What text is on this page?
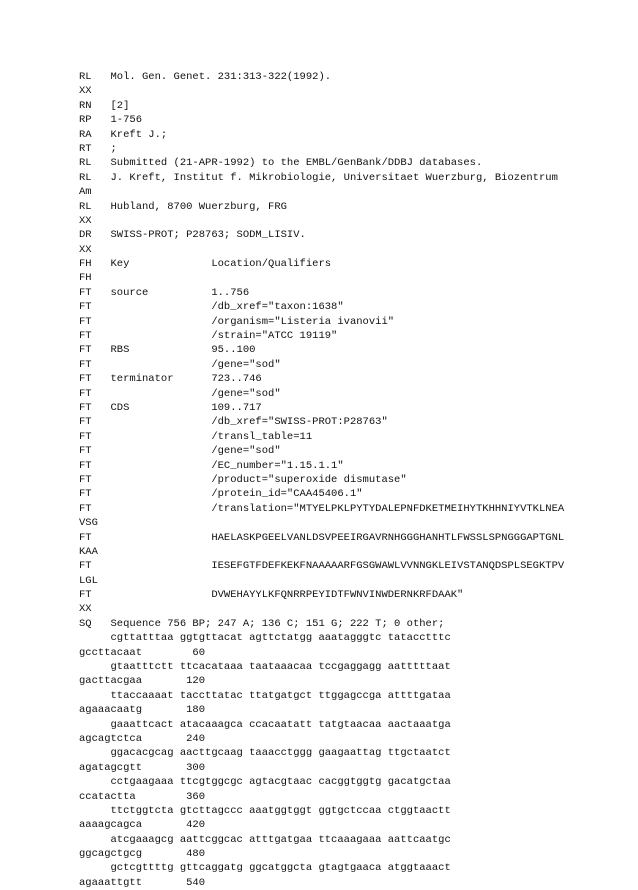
RL   Mol. Gen. Genet. 231:313-322(1992).
XX
RN   [2]
RP   1-756
RA   Kreft J.;
RT   ;
RL   Submitted (21-APR-1992) to the EMBL/GenBank/DDBJ databases.
RL   J. Kreft, Institut f. Mikrobiologie, Universitaet Wuerzburg, Biozentrum
Am
RL   Hubland, 8700 Wuerzburg, FRG
XX
DR   SWISS-PROT; P28763; SODM_LISIV.
XX
FH   Key             Location/Qualifiers
FH
FT   source          1..756
FT                   /db_xref="taxon:1638"
FT                   /organism="Listeria ivanovii"
FT                   /strain="ATCC 19119"
FT   RBS             95..100
FT                   /gene="sod"
FT   terminator      723..746
FT                   /gene="sod"
FT   CDS             109..717
FT                   /db_xref="SWISS-PROT:P28763"
FT                   /transl_table=11
FT                   /gene="sod"
FT                   /EC_number="1.15.1.1"
FT                   /product="superoxide dismutase"
FT                   /protein_id="CAA45406.1"
FT                   /translation="MTYELPKLPYTYDALEPNFDKETMEIHYTKHHNIYVTKLNEA
VSG
FT                   HAELASKPGEELVANLDSVPEEIRGAVRNHGGGHANHTLFWSSLSPNGGGAPTGNL
KAA
FT                   IESEFGTFDEFKEKFNAAAAARFGSGWAWLVVNNGKLEIVSTANQDSPLSEGKTPV
LGL
FT                   DVWEHAYYLKFQNRRPEYIDTFWNVINWDERNKRFDAAK"
XX
SQ   Sequence 756 BP; 247 A; 136 C; 151 G; 222 T; 0 other;
cgttatttaa ggtgttacat agttctatgg aaatagggtc tatacctttc
gccttacaat        60
gtaatttctt ttcacataaa taataaacaa tccgaggagg aatttttaat
gacttacgaa       120
ttaccaaaat taccttatac ttatgatgct ttggagccga attttgataa
agaaacaatg       180
gaaattcact atacaaagca ccacaatatt tatgtaacaa aactaaatga
agcagtctca       240
ggacacgcag aacttgcaag taaacctggg gaagaattag ttgctaatct
agatagcgtt       300
cctgaagaaa ttcgtggcgc agtacgtaac cacggtggtg gacatgctaa
ccatactta        360
ttctggtcta gtcttagccc aaatggtggt ggtgctccaa ctggtaactt
aaaagcagca       420
atcgaaagcg aattcggcac atttgatgaa ttcaaagaaa aattcaatgc
ggcagctgcg       480
gctcgttttg gttcaggatg ggcatggcta gtagtgaaca atggtaaact
agaaattgtt       540
